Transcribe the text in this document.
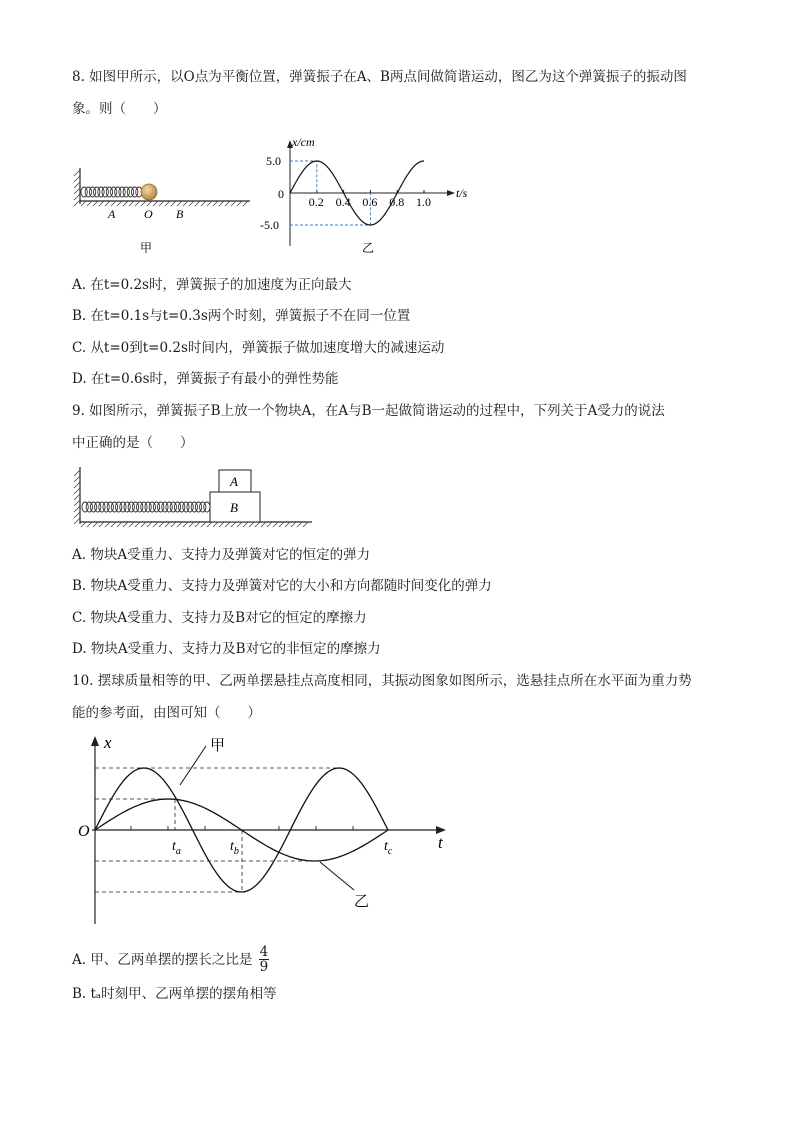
8. 如图甲所示，以O点为平衡位置，弹簧振子在A、B两点间做简谐运动，图乙为这个弹簧振子的振动图
象。则（　　）
A O B
甲
x/cm
t/s
0
0.2 0.4 0.6 0.8 1.0
5.0
-5.0
乙
A. 在t=0.2s时，弹簧振子的加速度为正向最大
B. 在t=0.1s与t=0.3s两个时刻，弹簧振子不在同一位置
C. 从t=0到t=0.2s时间内，弹簧振子做加速度增大的减速运动
D. 在t=0.6s时，弹簧振子有最小的弹性势能
9. 如图所示，弹簧振子B上放一个物块A，在A与B一起做简谐运动的过程中，下列关于A受力的说法
中正确的是（　　）
A
B
A. 物块A受重力、支持力及弹簧对它的恒定的弹力
B. 物块A受重力、支持力及弹簧对它的大小和方向都随时间变化的弹力
C. 物块A受重力、支持力及B对它的恒定的摩擦力
D. 物块A受重力、支持力及B对它的非恒定的摩擦力
10. 摆球质量相等的甲、乙两单摆悬挂点高度相同，其振动图象如图所示，选悬挂点所在水平面为重力势
能的参考面，由图可知（　　）
x
t
O
甲
乙
$t_a$	$t_b$	$t_c$
A. 甲、乙两单摆的摆长之比是 $\frac{4}{9}$
B. tₐ时刻甲、乙两单摆的摆角相等
